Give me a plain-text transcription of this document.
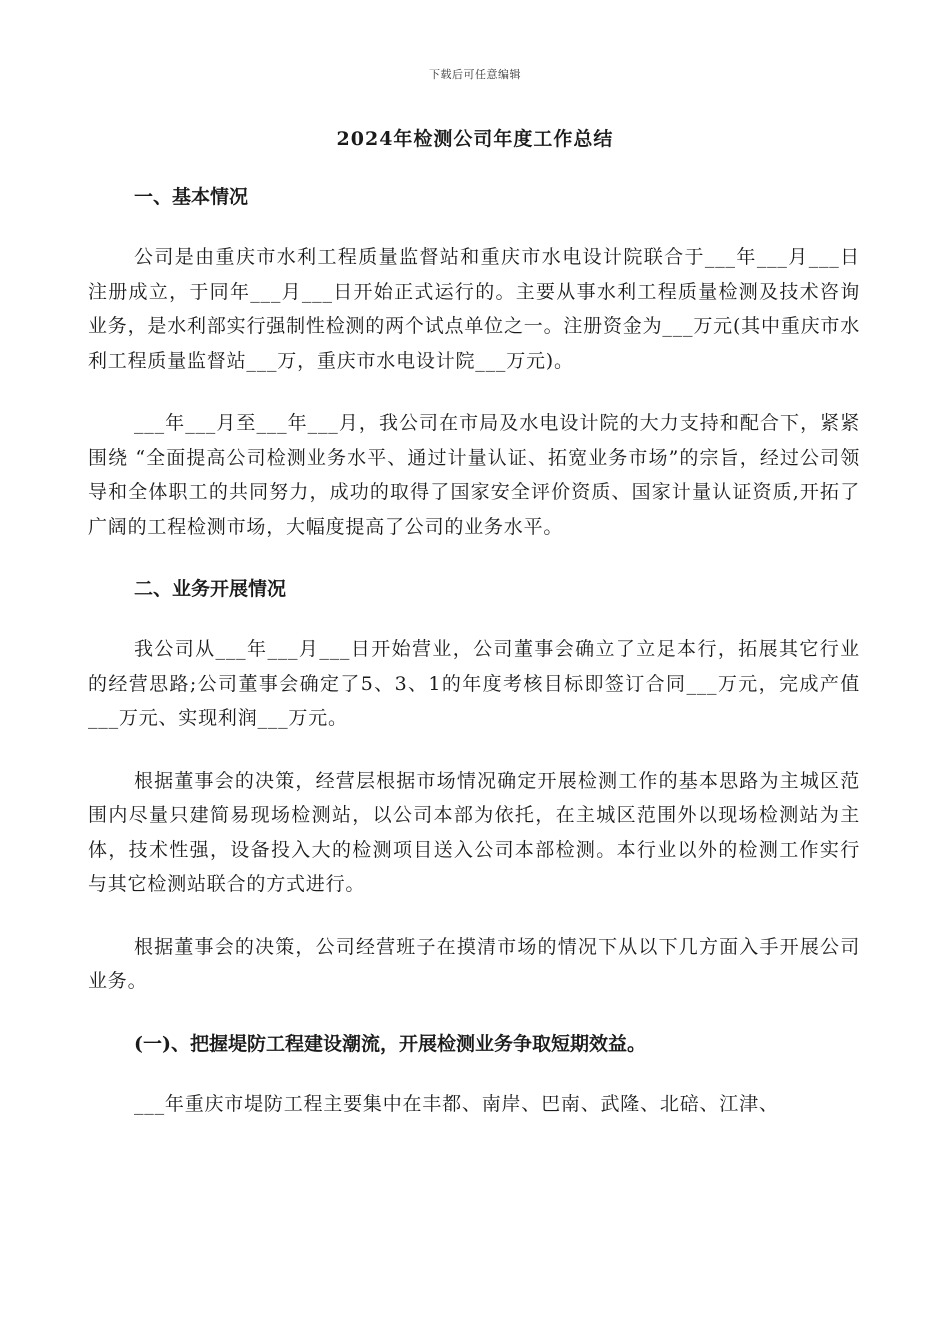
下载后可任意编辑
2024年检测公司年度工作总结
一、基本情况
公司是由重庆市水利工程质量监督站和重庆市水电设计院联合于___年___月___日注册成立，于同年___月___日开始正式运行的。主要从事水利工程质量检测及技术咨询业务，是水利部实行强制性检测的两个试点单位之一。注册资金为___万元(其中重庆市水利工程质量监督站___万，重庆市水电设计院___万元)。
___年___月至___年___月，我公司在市局及水电设计院的大力支持和配合下，紧紧围绕 “全面提高公司检测业务水平、通过计量认证、拓宽业务市场”的宗旨，经过公司领导和全体职工的共同努力，成功的取得了国家安全评价资质、国家计量认证资质,开拓了广阔的工程检测市场，大幅度提高了公司的业务水平。
二、业务开展情况
我公司从___年___月___日开始营业，公司董事会确立了立足本行，拓展其它行业的经营思路;公司董事会确定了5、3、1的年度考核目标即签订合同___万元，完成产值___万元、实现利润___万元。
根据董事会的决策，经营层根据市场情况确定开展检测工作的基本思路为主城区范围内尽量只建简易现场检测站，以公司本部为依托，在主城区范围外以现场检测站为主体，技术性强，设备投入大的检测项目送入公司本部检测。本行业以外的检测工作实行与其它检测站联合的方式进行。
根据董事会的决策，公司经营班子在摸清市场的情况下从以下几方面入手开展公司业务。
(一)、把握堤防工程建设潮流，开展检测业务争取短期效益。
___年重庆市堤防工程主要集中在丰都、南岸、巴南、武隆、北碚、江津、
